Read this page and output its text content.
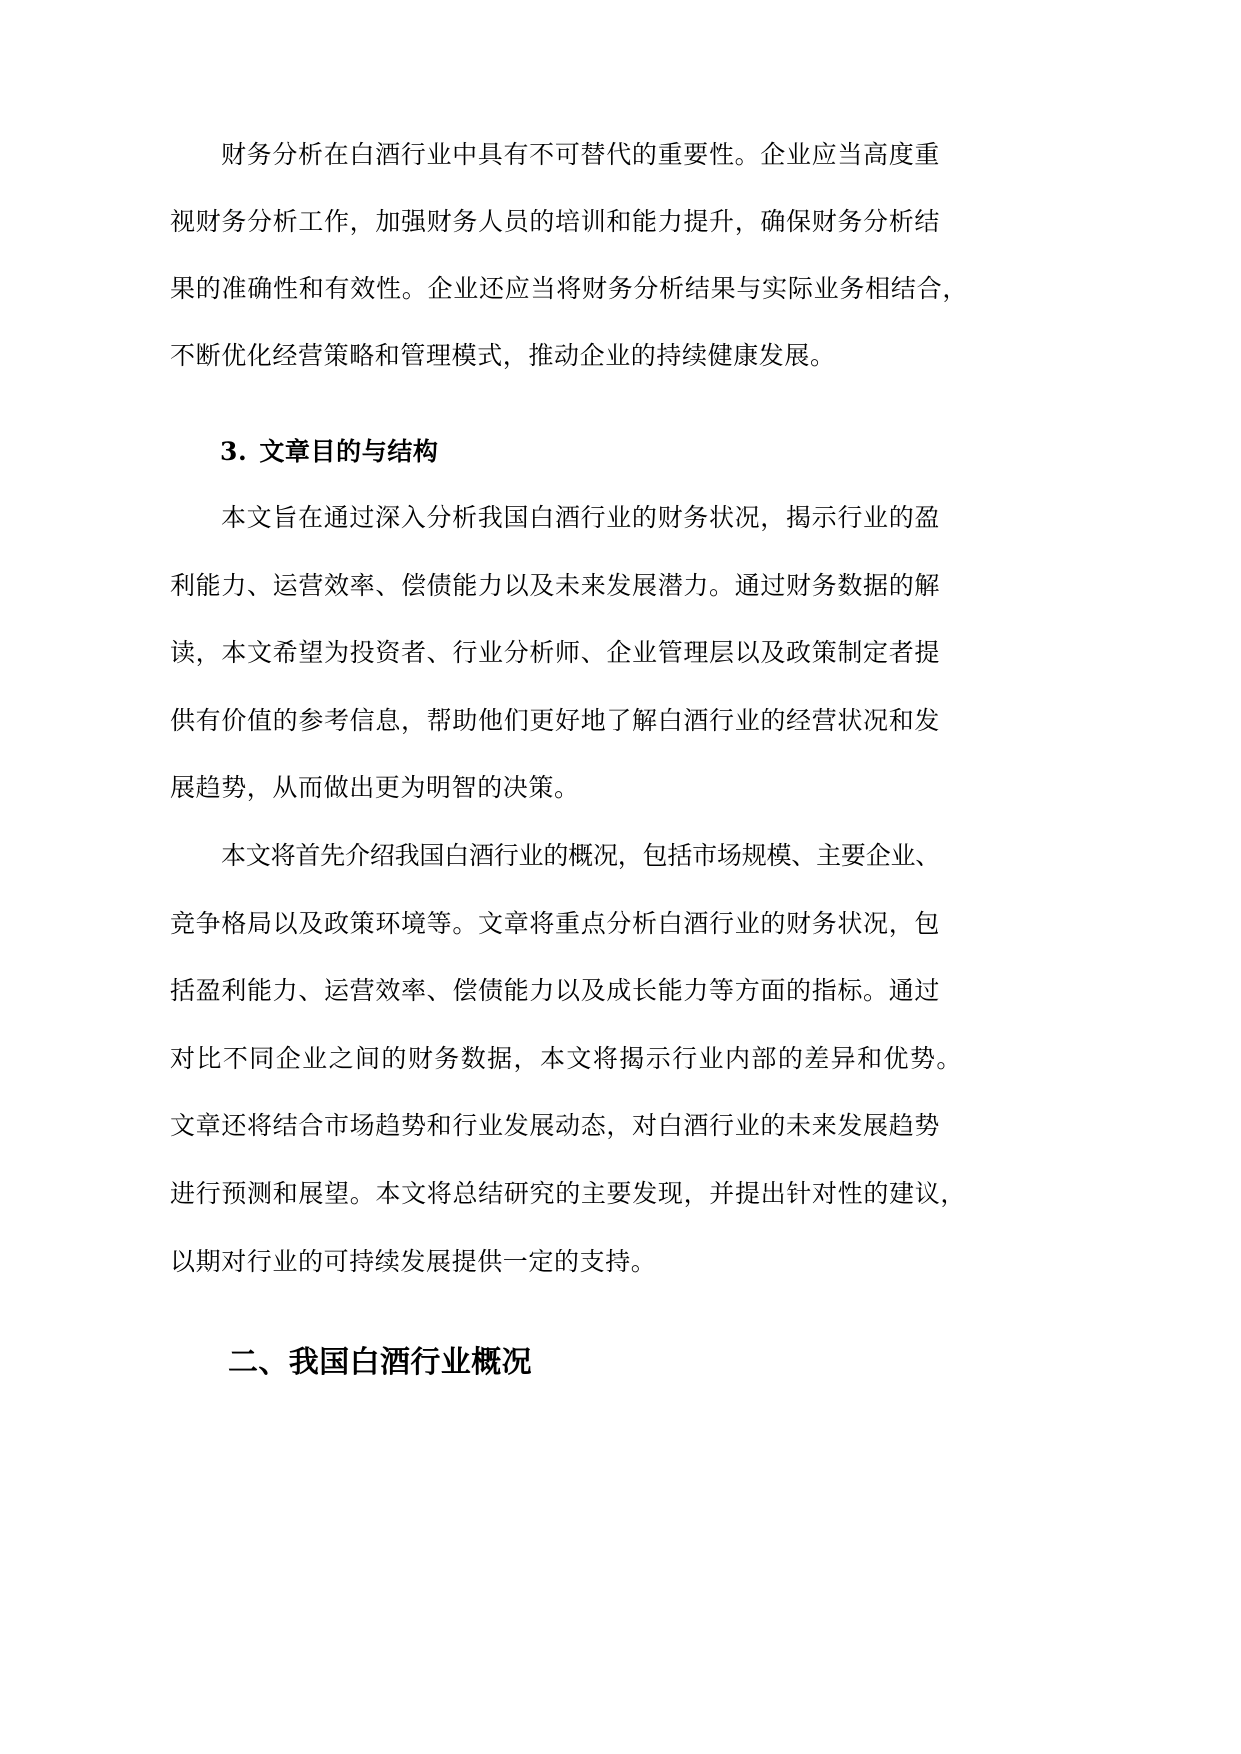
财务分析在白酒行业中具有不可替代的重要性。企业应当高度重
视财务分析工作，加强财务人员的培训和能力提升，确保财务分析结
果的准确性和有效性。企业还应当将财务分析结果与实际业务相结合，
不断优化经营策略和管理模式，推动企业的持续健康发展。
3. 文章目的与结构
本文旨在通过深入分析我国白酒行业的财务状况，揭示行业的盈
利能力、运营效率、偿债能力以及未来发展潜力。通过财务数据的解
读，本文希望为投资者、行业分析师、企业管理层以及政策制定者提
供有价值的参考信息，帮助他们更好地了解白酒行业的经营状况和发
展趋势，从而做出更为明智的决策。
本文将首先介绍我国白酒行业的概况，包括市场规模、主要企业、
竞争格局以及政策环境等。文章将重点分析白酒行业的财务状况，包
括盈利能力、运营效率、偿债能力以及成长能力等方面的指标。通过
对比不同企业之间的财务数据，本文将揭示行业内部的差异和优势。
文章还将结合市场趋势和行业发展动态，对白酒行业的未来发展趋势
进行预测和展望。本文将总结研究的主要发现，并提出针对性的建议，
以期对行业的可持续发展提供一定的支持。
二、我国白酒行业概况
